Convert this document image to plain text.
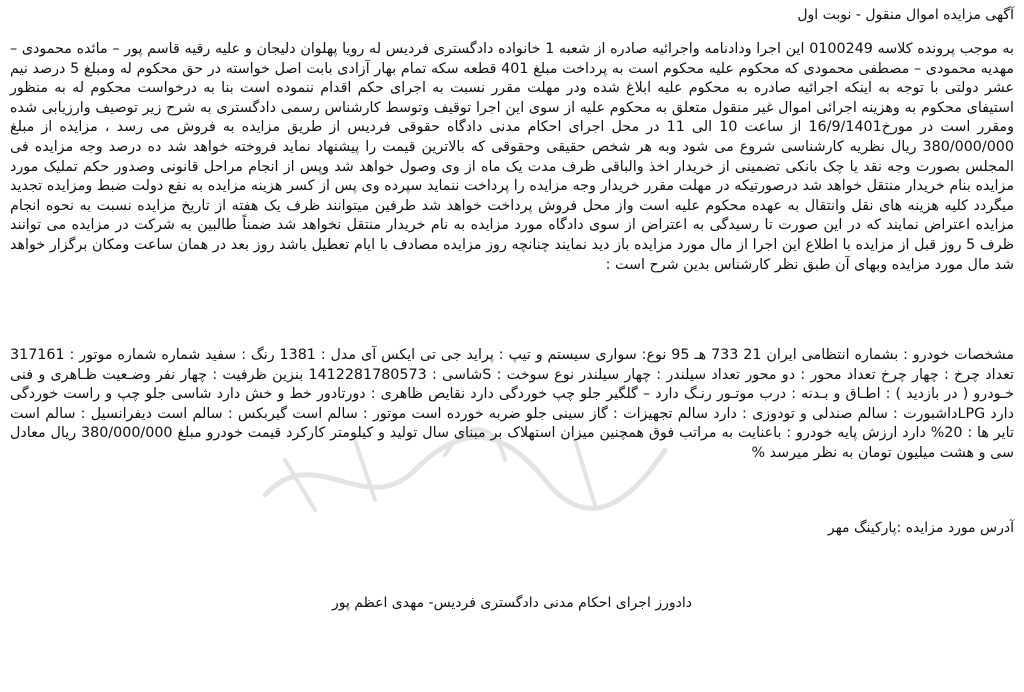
آگهی مزایده اموال منقول - نوبت اول
به موجب پرونده کلاسه 0100249 این اجرا ودادنامه واجرائیه صادره از شعبه 1 خانواده دادگستری فردیس له رویا پهلوان دلیجان و علیه رقیه قاسم پور – مائده محمودی – مهدیه محمودی – مصطفی محمودی که محکوم علیه محکوم است به پرداخت مبلغ 401 قطعه سکه تمام بهار آزادی بابت اصل خواسته در حق محکوم له ومبلغ 5 درصد نیم عشر دولتی با توجه به اینکه اجرائیه صادره به محکوم علیه ابلاغ شده ودر مهلت مقرر نسبت به اجرای حکم اقدام ننموده است بنا به درخواست محکوم له به منظور استیفای محکوم به وهزینه اجرائی اموال غیر منقول متعلق به محکوم علیه از سوی این اجرا توقیف وتوسط کارشناس رسمی دادگستری به شرح زیر توصیف وارزیابی شده ومقرر است در مورخ16/9/1401 از ساعت 10 الی 11 در محل اجرای احکام مدنی دادگاه حقوقی فردیس از طریق مزایده به فروش می رسد ، مزایده از مبلغ 380/000/000 ریال نظریه کارشناسی شروع می شود وبه هر شخص حقیقی وحقوقی که بالاترین قیمت را پیشنهاد نماید فروخته خواهد شد ده درصد وجه مزایده فی المجلس بصورت وجه نقد یا چک بانکی تضمینی از خریدار اخذ والباقی ظرف مدت یک ماه از وی وصول خواهد شد وپس از انجام مراحل قانونی وصدور حکم تملیک مورد مزایده بنام خریدار منتقل خواهد شد درصورتیکه در مهلت مقرر خریدار وجه مزایده را پرداخت ننماید سپرده وی پس از کسر هزینه مزایده به نفع دولت ضبط ومزایده تجدید میگردد کلیه هزینه های نقل وانتقال به عهده محکوم علیه است واز محل فروش پرداخت خواهد شد طرفین میتوانند ظرف یک هفته از تاریخ مزایده نسبت به نحوه انجام مزایده اعتراض نمایند که در این صورت تا رسیدگی به اعتراض از سوی دادگاه مورد مزایده به نام خریدار منتقل نخواهد شد ضمناً طالبین به شرکت در مزایده می توانند ظرف 5 روز قبل از مزایده با اطلاع این اجرا از مال مورد مزایده باز دید نمایند چنانچه روز مزایده مصادف با ایام تعطیل باشد روز بعد در همان ساعت ومکان برگزار خواهد شد مال مورد مزایده وبهای آن طبق نظر کارشناس بدین شرح است :
مشخصات خودرو : بشماره انتظامی ایران 21 733 هـ 95 نوع: سواری سیستم و تیپ : پراید جی تی ایکس آی مدل : 1381 رنگ : سفید شماره شماره موتور : 317161 تعداد چرخ : چهار چرخ تعداد محور : دو محور تعداد سیلندر : چهار سیلندر نوع سوخت : Sشاسی : 1412281780573 بنزین ظرفیت : چهار نفر وضـعیت ظـاهری و فنی خـودرو ( در بازدید ) : اطـاق و بـدنه : درب موتـور رنـگ دارد – گلگیر جلو چپ خوردگی دارد نقایص ظاهری : دورتادور خط و خش دارد شاسی جلو چپ و راست خوردگی دارد LPGداشبورت : سالم صندلی و تودوزی : دارد سالم تجهیزات : گاز سینی جلو ضربه خورده است موتور : سالم است گیربکس : سالم است دیفرانسیل : سالم است تایر ها : 20% دارد ارزش پایه خودرو : باعنایت به مراتب فوق همچنین میزان استهلاک بر مبنای سال تولید و کیلومتر کارکرد قیمت خودرو مبلغ 380/000/000 ریال معادل سی و هشت میلیون تومان به نظر میرسد %
آدرس مورد مزایده :پارکینگ مهر
دادورز اجرای احکام مدنی دادگستری فردیس- مهدی اعظم پور
